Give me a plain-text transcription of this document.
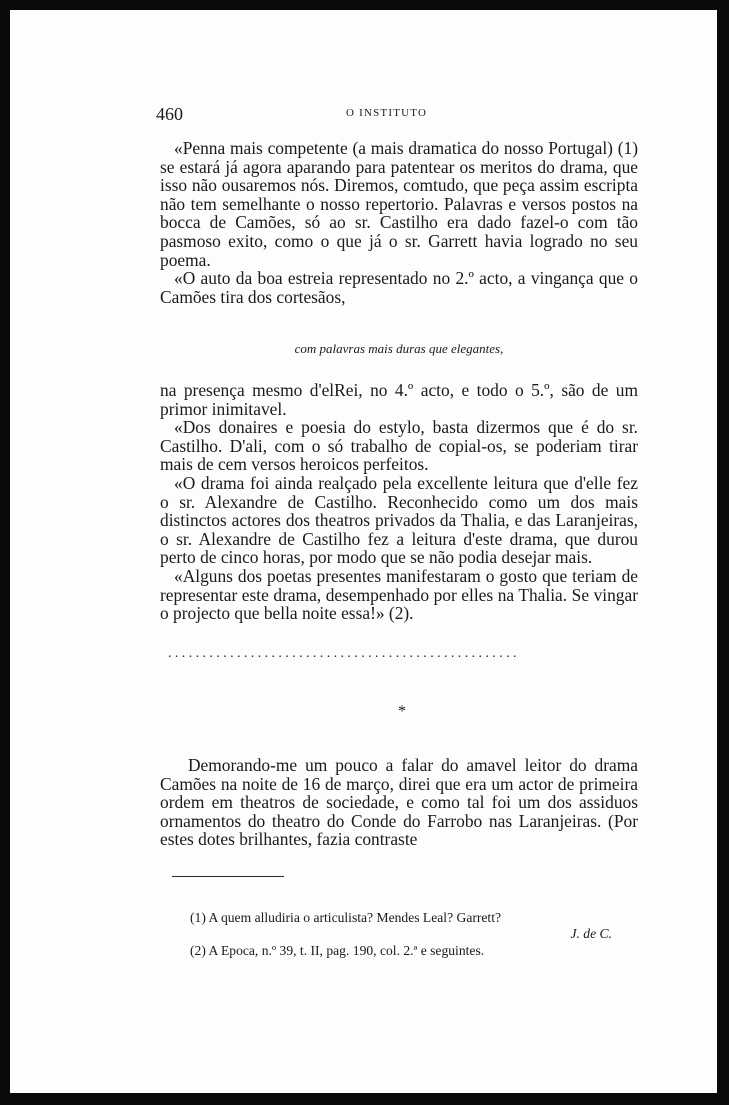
460	O INSTITUTO

«Penna mais competente (a mais dramatica do nosso Portugal) (1) se estará já agora aparando para patentear os meritos do drama, que isso não ousaremos nós. Diremos, comtudo, que peça assim escripta não tem semelhante o nosso repertorio. Palavras e versos postos na bocca de Camões, só ao sr. Castilho era dado fazel-o com tão pasmoso exito, como o que já o sr. Garrett havia logrado no seu poema.

«O auto da boa estreia representado no 2.º acto, a vingança que o Camões tira dos cortesãos,

com palavras mais duras que elegantes,

na presença mesmo d'elRei, no 4.º acto, e todo o 5.º, são de um primor inimitavel.

«Dos donaires e poesia do estylo, basta dizermos que é do sr. Castilho. D'ali, com o só trabalho de copial-os, se poderiam tirar mais de cem versos heroicos perfeitos.

«O drama foi ainda realçado pela excellente leitura que d'elle fez o sr. Alexandre de Castilho. Reconhecido como um dos mais distinctos actores dos theatros privados da Thalia, e das Laranjeiras, o sr. Alexandre de Castilho fez a leitura d'este drama, que durou perto de cinco horas, por modo que se não podia desejar mais.

«Alguns dos poetas presentes manifestaram o gosto que teriam de representar este drama, desempenhado por elles na Thalia. Se vingar o projecto que bella noite essa!» (2).

...................................................
*

Demorando-me um pouco a falar do amavel leitor do drama Camões na noite de 16 de março, direi que era um actor de primeira ordem em theatros de sociedade, e como tal foi um dos assiduos ornamentos do theatro do Conde do Farrobo nas Laranjeiras. (Por estes dotes brilhantes, fazia contraste

(1) A quem alludiria o articulista? Mendes Leal? Garrett?

J. de C.

(2) A Epoca, n.º 39, t. II, pag. 190, col. 2.ª e seguintes.
